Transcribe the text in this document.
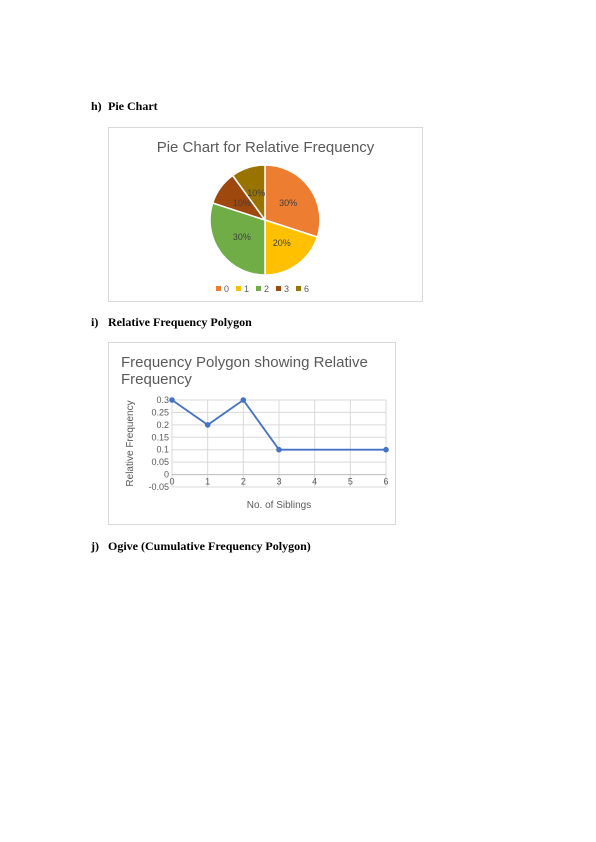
h) Pie Chart
Pie Chart for Relative Frequency
30%
20%
30%
10%
10%
0 1 2 3 6
i) Relative Frequency Polygon
Frequency Polygon showing Relative Frequency
-0.05
0
0.05
0.1
0.15
0.2
0.25
0.3
0	1	2	3	4	5	6
No. of Siblings
Relative Frequency
j) Ogive (Cumulative Frequency Polygon)
